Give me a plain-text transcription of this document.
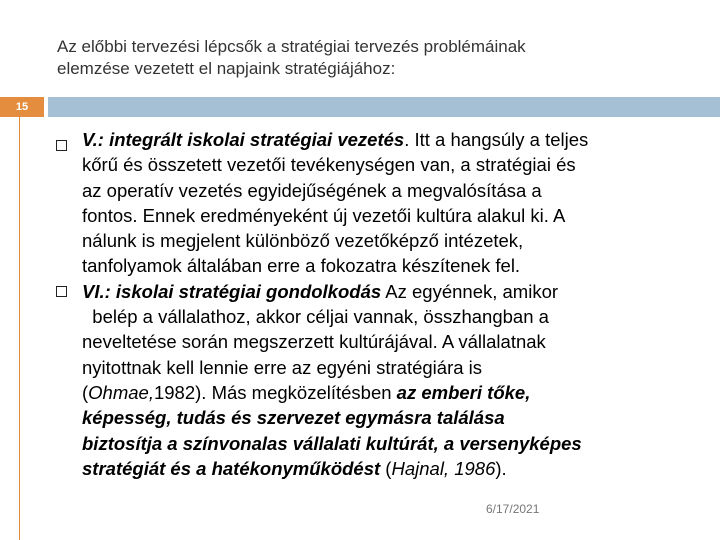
Az előbbi tervezési lépcsők a stratégiai tervezés problémáinak
elemzése vezetett el napjaink stratégiájához:
15
V.: integrált iskolai stratégiai vezetés. Itt a hangsúly a teljes
kőrű és összetett vezetői tevékenységen van, a stratégiai és
az operatív vezetés egyidejűségének a megvalósítása a
fontos. Ennek eredményeként új vezetői kultúra alakul ki. A
nálunk is megjelent különböző vezetőképző intézetek,
tanfolyamok általában erre a fokozatra készítenek fel.
VI.: iskolai stratégiai gondolkodás Az egyénnek, amikor
belép a vállalathoz, akkor céljai vannak, összhangban a
neveltetése során megszerzett kultúrájával. A vállalatnak
nyitottnak kell lennie erre az egyéni stratégiára is
(Ohmae,1982). Más megközelítésben az emberi tőke,
képesség, tudás és szervezet egymásra találása
biztosítja a színvonalas vállalati kultúrát, a versenyképes
stratégiát és a hatékonyműködést (Hajnal, 1986).
6/17/2021
